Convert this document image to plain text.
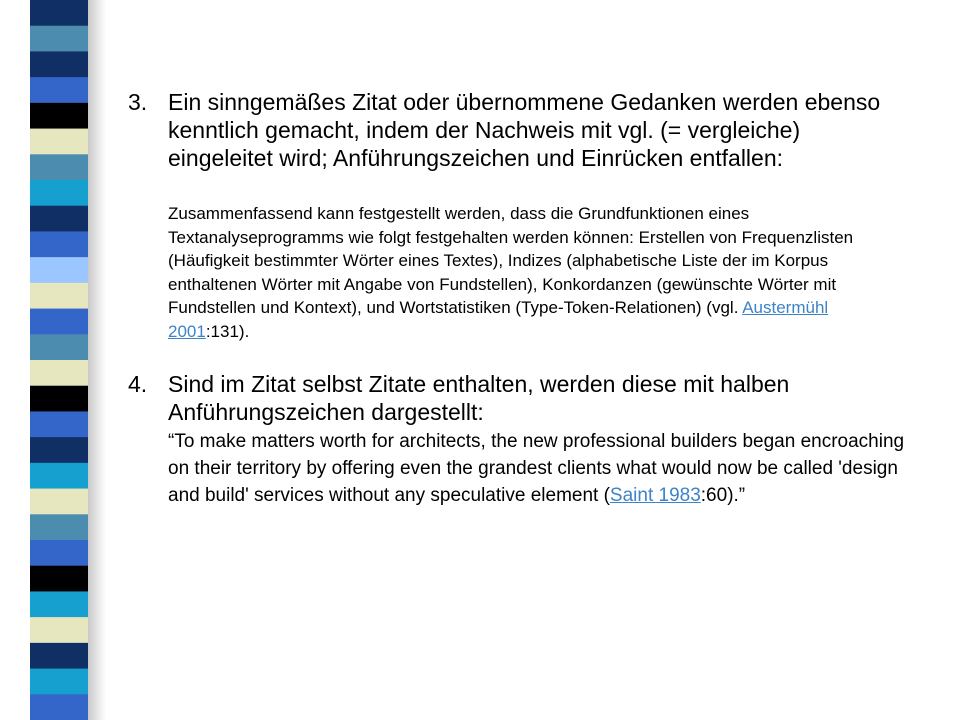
3. Ein sinngemäßes Zitat oder übernommene Gedanken werden ebenso kenntlich gemacht, indem der Nachweis mit vgl. (= vergleiche) eingeleitet wird; Anführungszeichen und Einrücken entfallen:
Zusammenfassend kann festgestellt werden, dass die Grundfunktionen eines Textanalyseprogramms wie folgt festgehalten werden können: Erstellen von Frequenzlisten (Häufigkeit bestimmter Wörter eines Textes), Indizes (alphabetische Liste der im Korpus enthaltenen Wörter mit Angabe von Fundstellen), Konkordanzen (gewünschte Wörter mit Fundstellen und Kontext), und Wortstatistiken (Type-Token-Relationen) (vgl. Austermühl 2001:131).
4. Sind im Zitat selbst Zitate enthalten, werden diese mit halben Anführungszeichen dargestellt:
“To make matters worth for architects, the new professional builders began encroaching on their territory by offering even the grandest clients what would now be called 'design and build' services without any speculative element (Saint 1983:60).”
